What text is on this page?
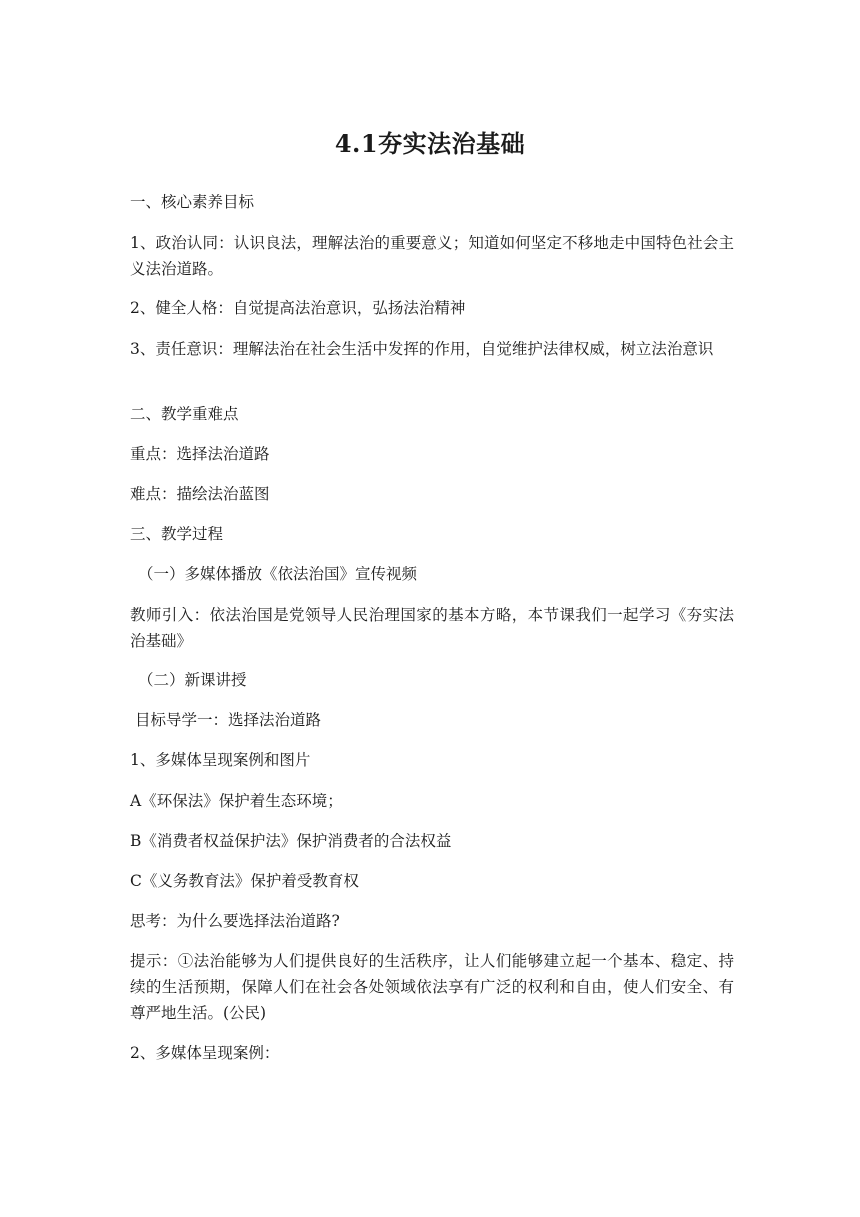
4.1夯实法治基础
一、核心素养目标
1、政治认同：认识良法，理解法治的重要意义；知道如何坚定不移地走中国特色社会主义法治道路。
2、健全人格：自觉提高法治意识，弘扬法治精神
3、责任意识：理解法治在社会生活中发挥的作用，自觉维护法律权威，树立法治意识
二、教学重难点
重点：选择法治道路
难点：描绘法治蓝图
三、教学过程
（一）多媒体播放《依法治国》宣传视频
教师引入：依法治国是党领导人民治理国家的基本方略，本节课我们一起学习《夯实法治基础》
（二）新课讲授
目标导学一：选择法治道路
1、多媒体呈现案例和图片
A《环保法》保护着生态环境；
B《消费者权益保护法》保护消费者的合法权益
C《义务教育法》保护着受教育权
思考：为什么要选择法治道路?
提示：①法治能够为人们提供良好的生活秩序，让人们能够建立起一个基本、稳定、持续的生活预期，保障人们在社会各处领域依法享有广泛的权利和自由，使人们安全、有尊严地生活。(公民)
2、多媒体呈现案例：
